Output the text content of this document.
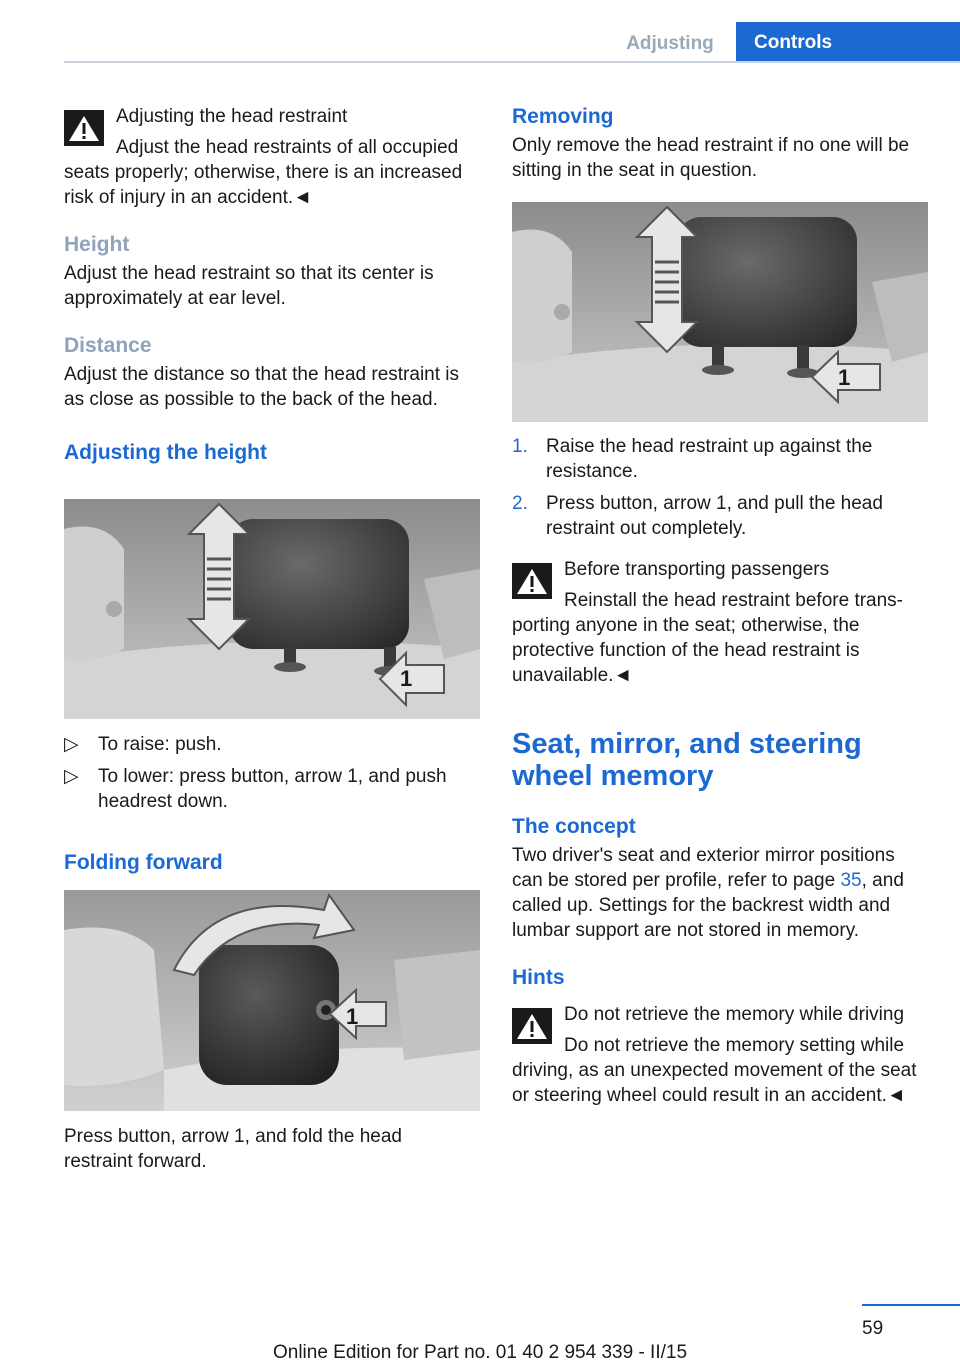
Adjusting	Controls

Adjusting the head restraint

Adjust the head restraints of all occupied

seats properly; otherwise, there is an increased risk of injury in an accident.◄

Height

Adjust the head restraint so that its center is approximately at ear level.

Distance

Adjust the distance so that the head restraint is as close as possible to the back of the head.

Adjusting the height
1
▷	To raise: push.
▷	To lower: press button, arrow 1, and push headrest down.
Folding forward
1

Press button, arrow 1, and fold the head restraint forward.

Removing

Only remove the head restraint if no one will be sitting in the seat in question.

1
1. Raise the head restraint up against the resistance.
2. Press button, arrow 1, and pull the head restraint out completely.

Before transporting passengers

Reinstall the head restraint before trans-

porting anyone in the seat; otherwise, the protective function of the head restraint is unavailable.◄

Seat, mirror, and steering wheel memory
The concept

Two driver's seat and exterior mirror positions can be stored per profile, refer to page 35, and called up. Settings for the backrest width and lumbar support are not stored in memory.

Hints

Do not retrieve the memory while driving

Do not retrieve the memory setting while

driving, as an unexpected movement of the seat or steering wheel could result in an accident.◄

59
Online Edition for Part no. 01 40 2 954 339 - II/15
